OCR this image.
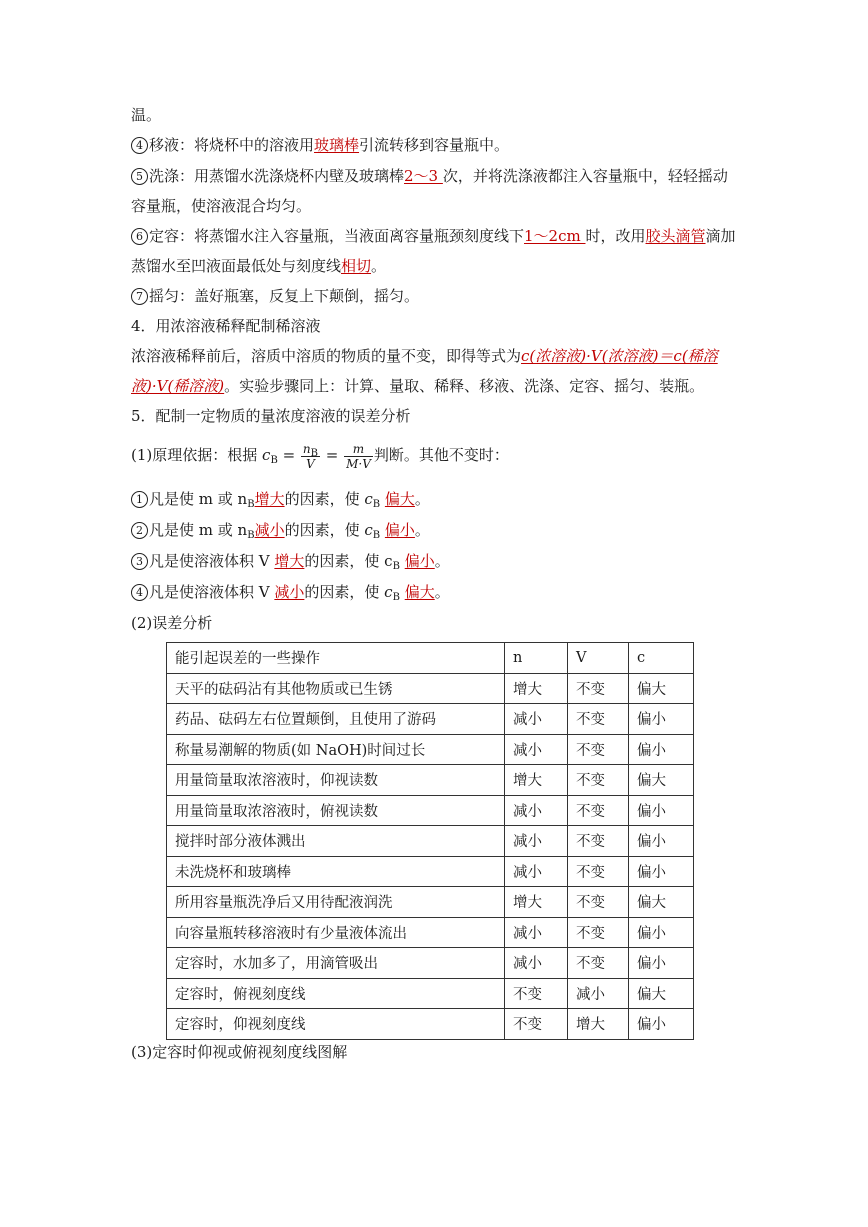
温。
4 移液：将烧杯中的溶液用玻璃棒引流转移到容量瓶中。
5 洗涤：用蒸馏水洗涤烧杯内壁及玻璃棒2～3 次，并将洗涤液都注入容量瓶中，轻轻摇动
容量瓶，使溶液混合均匀。
6 定容：将蒸馏水注入容量瓶，当液面离容量瓶颈刻度线下1～2cm 时，改用胶头滴管滴加
蒸馏水至凹液面最低处与刻度线相切。
7 摇匀：盖好瓶塞，反复上下颠倒，摇匀。
4．用浓溶液稀释配制稀溶液
浓溶液稀释前后，溶质中溶质的物质的量不变，即得等式为c(浓溶液)·V(浓溶液)＝c(稀溶
液)·V(稀溶液)。实验步骤同上：计算、量取、稀释、移液、洗涤、定容、摇匀、装瓶。
5．配制一定物质的量浓度溶液的误差分析
(1)原理依据：根据 $c_B = \frac{n_B}{V} = \frac{m}{M\cdot V}$ 判断。其他不变时：
1 凡是使 m 或 $n_B$增大的因素，使 $c_B$ 偏大。
2 凡是使 m 或 $n_B$减小的因素，使 $c_B$ 偏小。
3 凡是使溶液体积 V 增大的因素，使 $c_B$ 偏小。
4 凡是使溶液体积 V 减小的因素，使 $c_B$ 偏大。
(2)误差分析
能引起误差的一些操作	n	V	c
天平的砝码沾有其他物质或已生锈	增大	不变	偏大
药品、砝码左右位置颠倒，且使用了游码	减小	不变	偏小
称量易潮解的物质(如 NaOH)时间过长	减小	不变	偏小
用量筒量取浓溶液时，仰视读数	增大	不变	偏大
用量筒量取浓溶液时，俯视读数	减小	不变	偏小
搅拌时部分液体溅出	减小	不变	偏小
未洗烧杯和玻璃棒	减小	不变	偏小
所用容量瓶洗净后又用待配液润洗	增大	不变	偏大
向容量瓶转移溶液时有少量液体流出	减小	不变	偏小
定容时，水加多了，用滴管吸出	减小	不变	偏小
定容时，俯视刻度线	不变	减小	偏大
定容时，仰视刻度线	不变	增大	偏小
(3)定容时仰视或俯视刻度线图解
